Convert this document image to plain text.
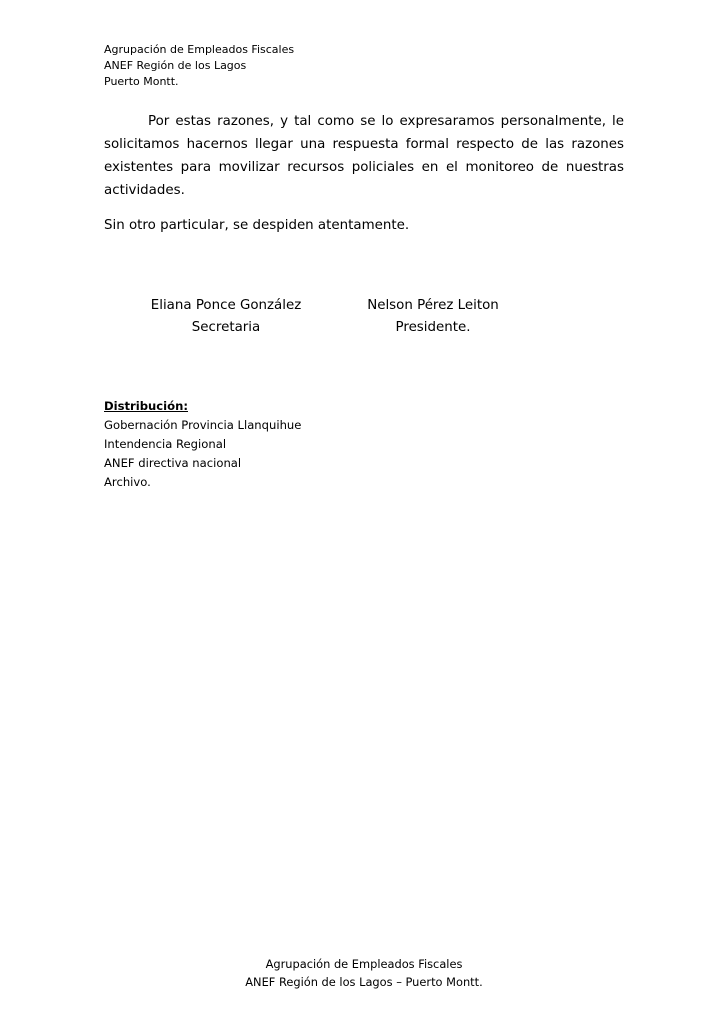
Agrupación de Empleados Fiscales
ANEF Región de los Lagos
Puerto Montt.
Por estas razones, y tal como se lo expresaramos personalmente, le solicitamos hacernos llegar una respuesta formal respecto de las razones existentes para movilizar recursos policiales en el monitoreo de nuestras actividades.
Sin otro particular, se despiden atentamente.
Eliana Ponce González
Secretaria
Nelson Pérez Leiton
Presidente.
Distribución:
Gobernación Provincia Llanquihue
Intendencia Regional
ANEF directiva nacional
Archivo.
Agrupación de Empleados Fiscales
ANEF Región de los Lagos – Puerto Montt.
